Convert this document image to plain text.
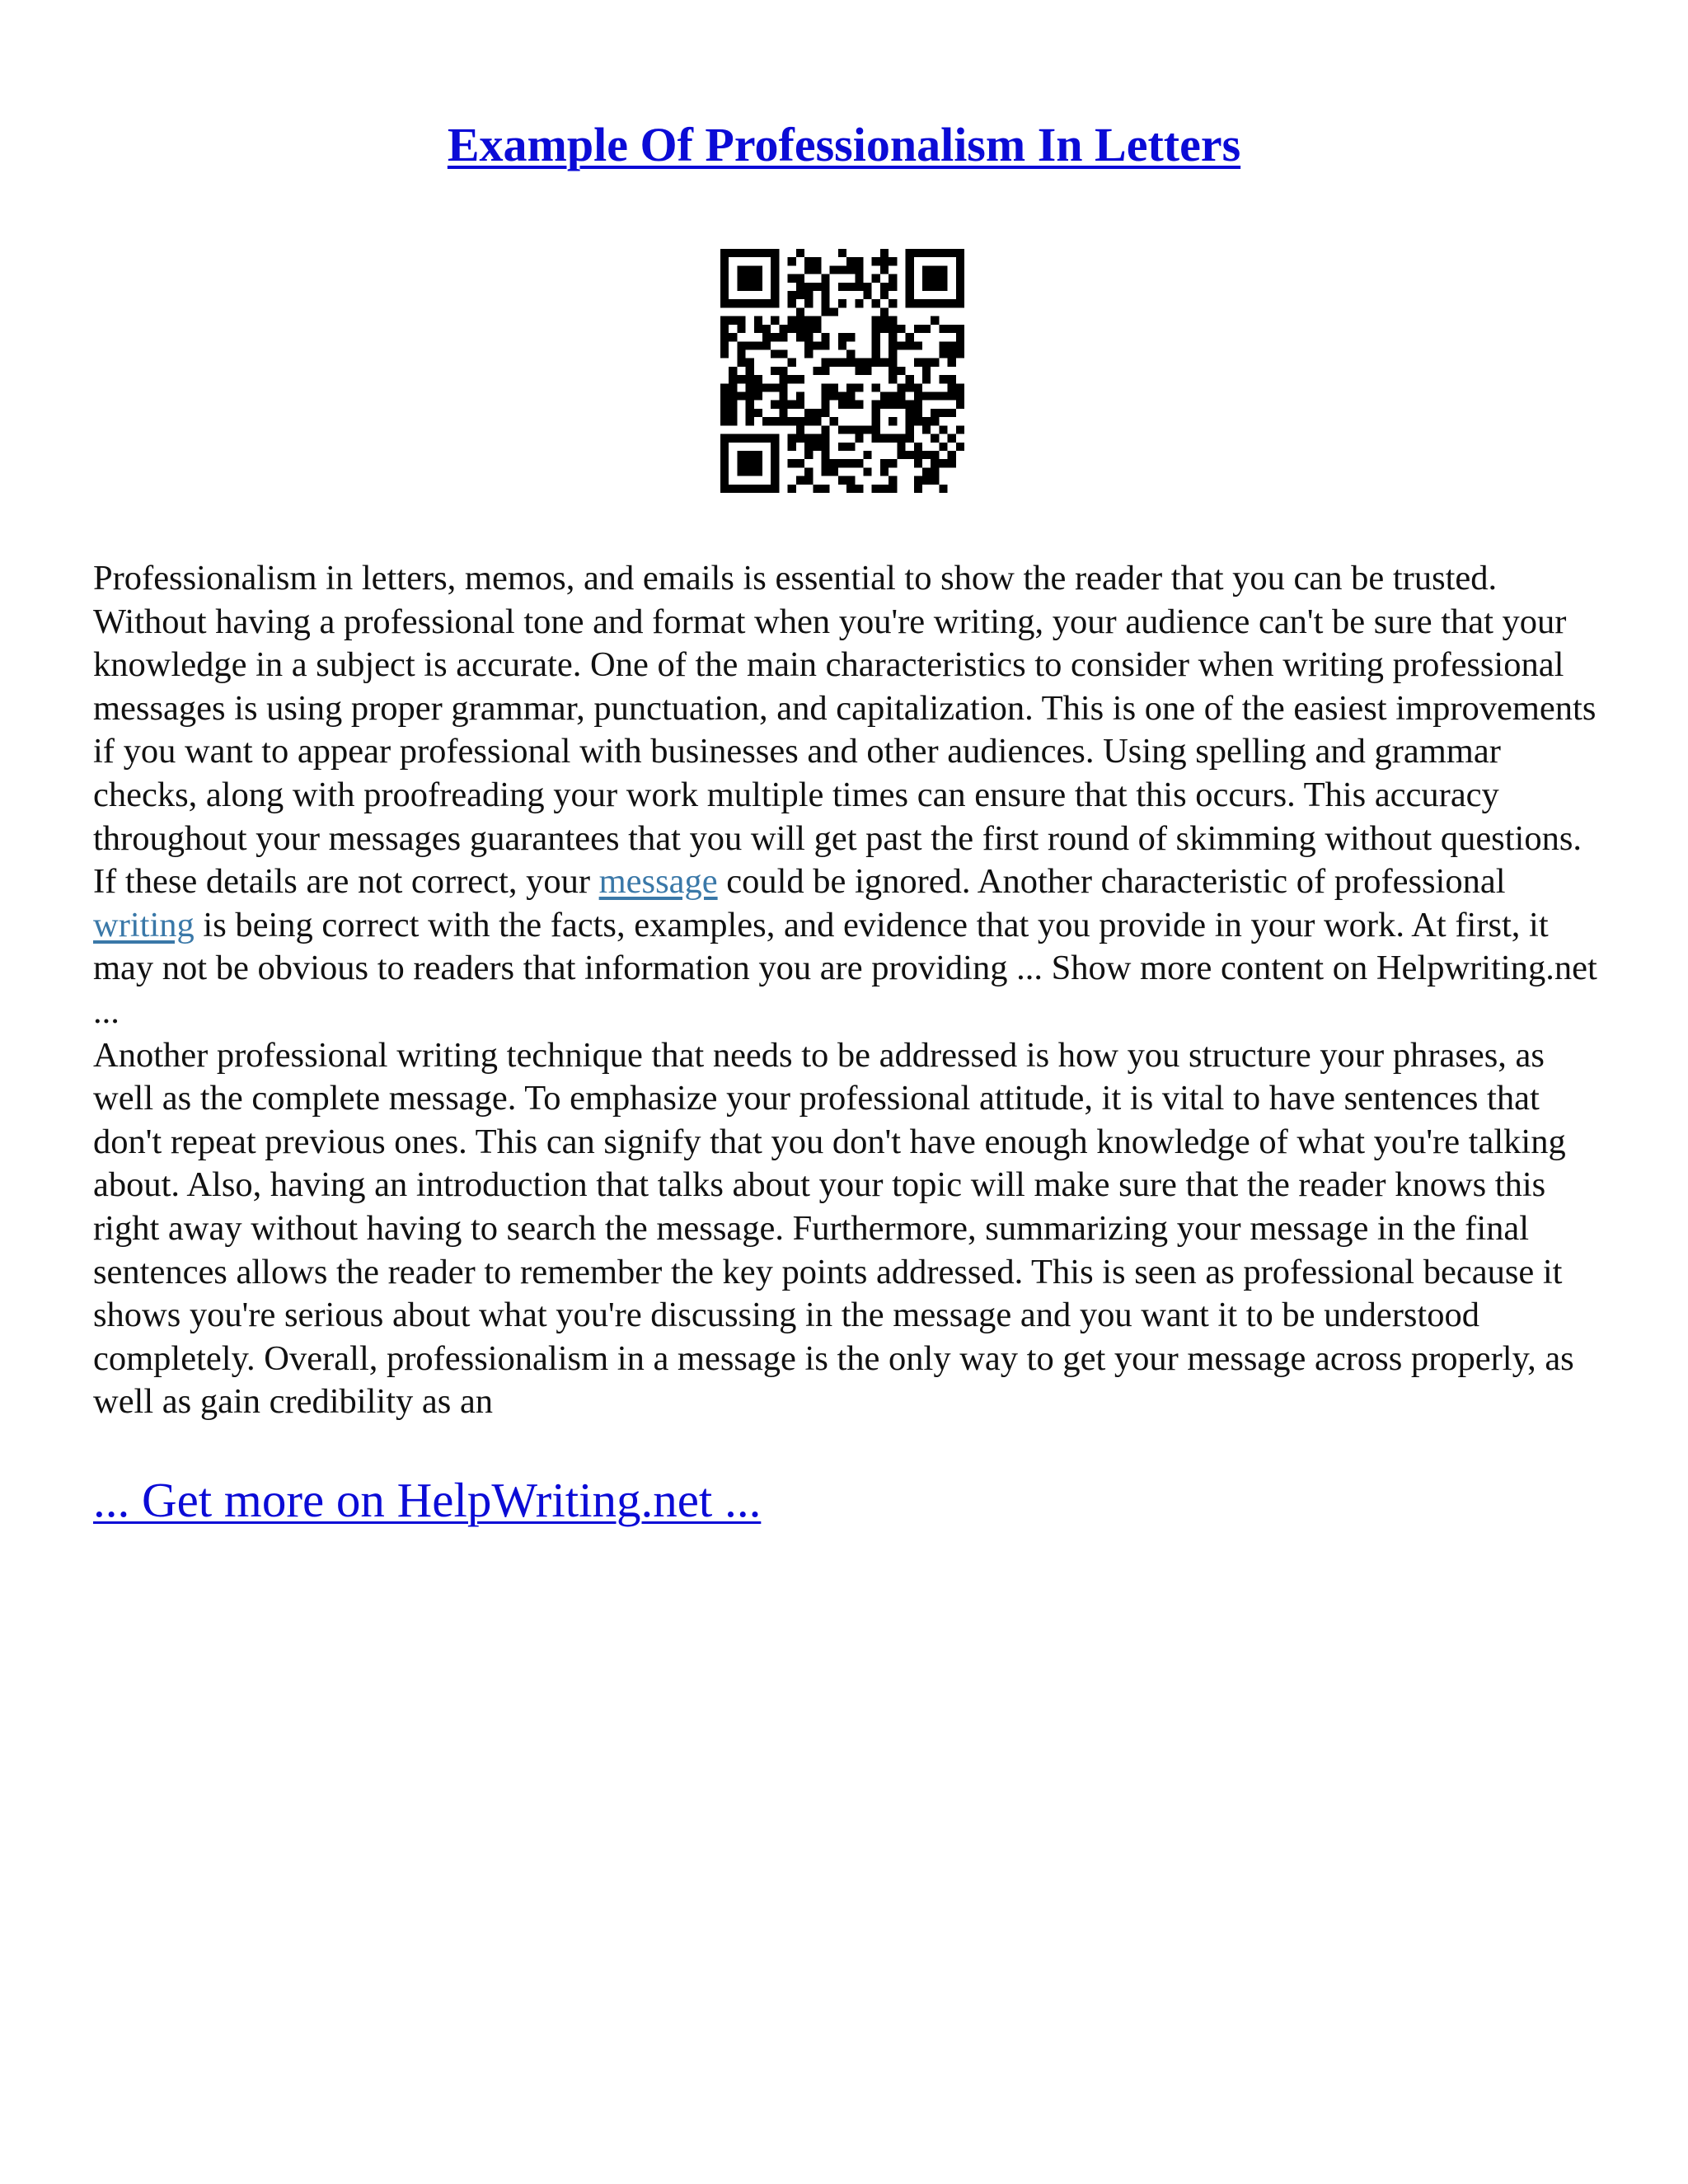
Example Of Professionalism In Letters

Professionalism in letters, memos, and emails is essential to show the reader that you can be trusted. Without having a professional tone and format when you're writing, your audience can't be sure that your knowledge in a subject is accurate. One of the main characteristics to consider when writing professional messages is using proper grammar, punctuation, and capitalization. This is one of the easiest improvements if you want to appear professional with businesses and other audiences. Using spelling and grammar checks, along with proofreading your work multiple times can ensure that this occurs. This accuracy throughout your messages guarantees that you will get past the first round of skimming without questions. If these details are not correct, your message could be ignored. Another characteristic of professional writing is being correct with the facts, examples, and evidence that you provide in your work. At first, it may not be obvious to readers that information you are providing ... Show more content on Helpwriting.net ...

Another professional writing technique that needs to be addressed is how you structure your phrases, as well as the complete message. To emphasize your professional attitude, it is vital to have sentences that don't repeat previous ones. This can signify that you don't have enough knowledge of what you're talking about. Also, having an introduction that talks about your topic will make sure that the reader knows this right away without having to search the message. Furthermore, summarizing your message in the final sentences allows the reader to remember the key points addressed. This is seen as professional because it shows you're serious about what you're discussing in the message and you want it to be understood completely. Overall, professionalism in a message is the only way to get your message across properly, as well as gain credibility as an

... Get more on HelpWriting.net ...
